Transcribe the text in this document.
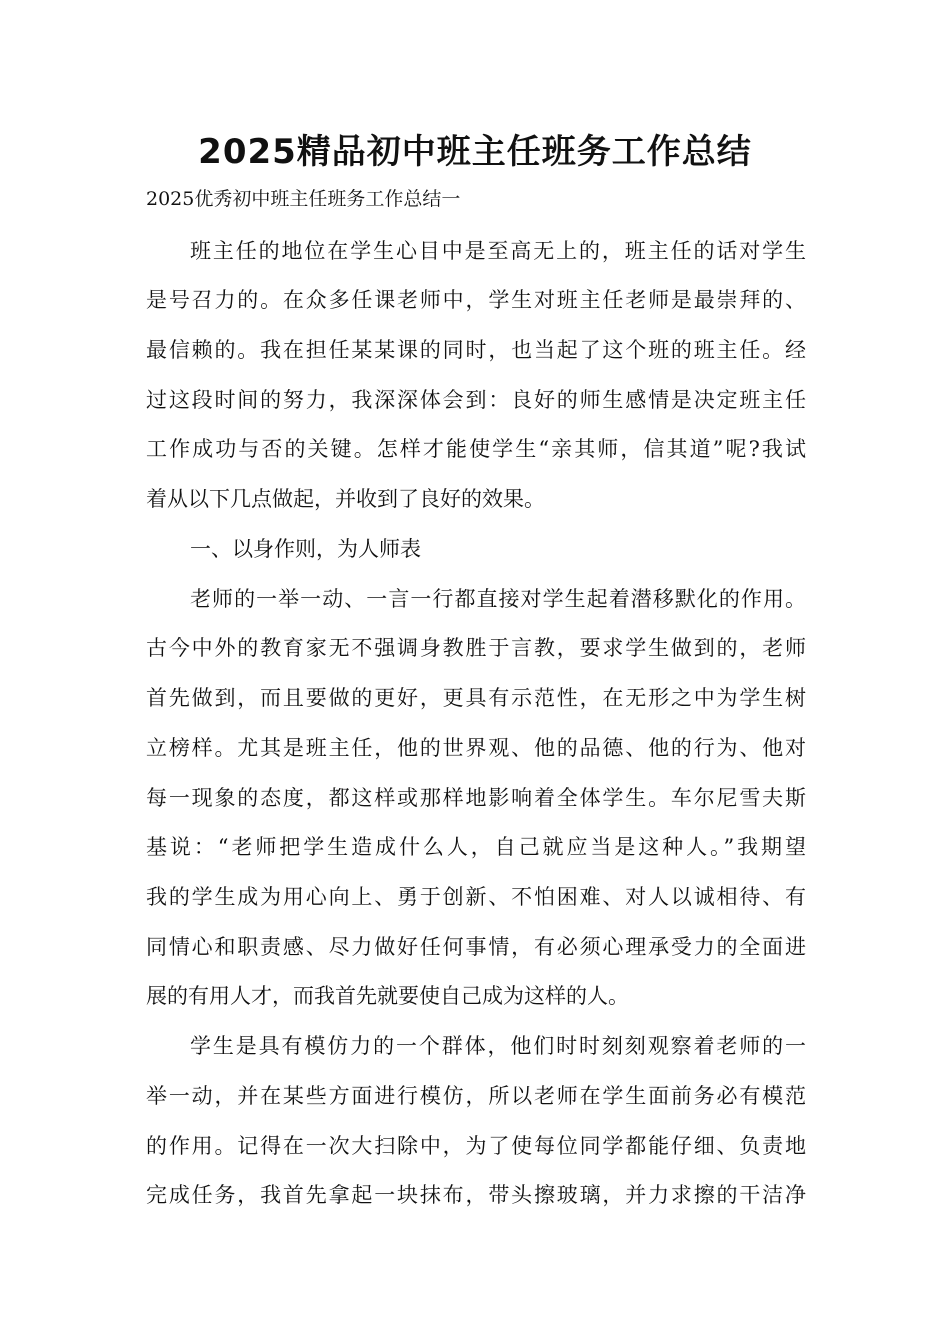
2025精品初中班主任班务工作总结
2025优秀初中班主任班务工作总结一
班主任的地位在学生心目中是至高无上的，班主任的话对学生
是号召力的。在众多任课老师中，学生对班主任老师是最崇拜的、
最信赖的。我在担任某某课的同时，也当起了这个班的班主任。经
过这段时间的努力，我深深体会到：良好的师生感情是决定班主任
工作成功与否的关键。怎样才能使学生“亲其师，信其道”呢?我试
着从以下几点做起，并收到了良好的效果。
一、以身作则，为人师表
老师的一举一动、一言一行都直接对学生起着潜移默化的作用。
古今中外的教育家无不强调身教胜于言教，要求学生做到的，老师
首先做到，而且要做的更好，更具有示范性，在无形之中为学生树
立榜样。尤其是班主任，他的世界观、他的品德、他的行为、他对
每一现象的态度，都这样或那样地影响着全体学生。车尔尼雪夫斯
基说：“老师把学生造成什么人，自己就应当是这种人。”我期望
我的学生成为用心向上、勇于创新、不怕困难、对人以诚相待、有
同情心和职责感、尽力做好任何事情，有必须心理承受力的全面进
展的有用人才，而我首先就要使自己成为这样的人。
学生是具有模仿力的一个群体，他们时时刻刻观察着老师的一
举一动，并在某些方面进行模仿，所以老师在学生面前务必有模范
的作用。记得在一次大扫除中，为了使每位同学都能仔细、负责地
完成任务，我首先拿起一块抹布，带头擦玻璃，并力求擦的干洁净
